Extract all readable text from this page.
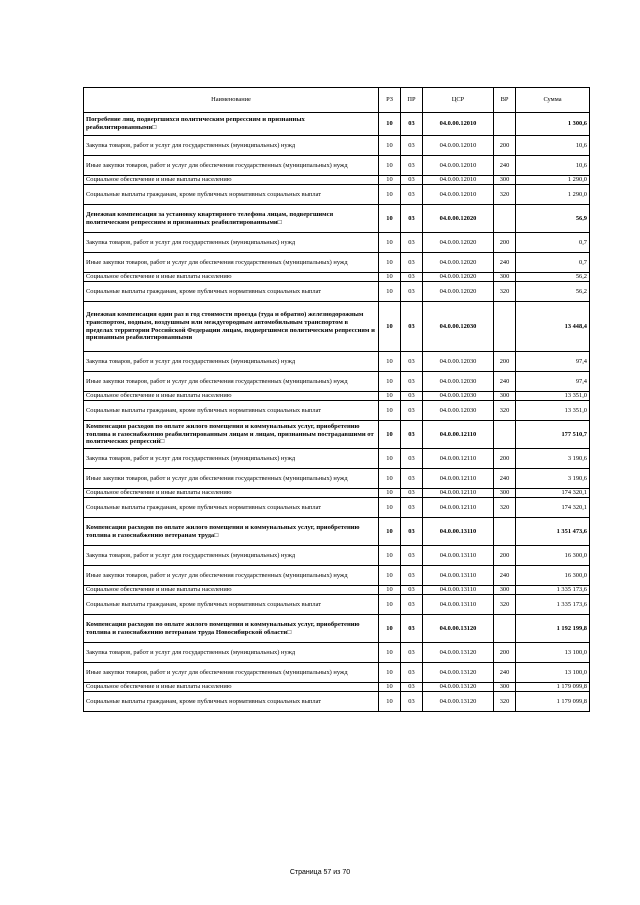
Наименование	РЗ	ПР	ЦСР	ВР	Сумма
Погребение лиц, подвергшихся политическим репрессиям и признанных реабилитированными□	10	03	04.0.00.12010		1 300,6
Закупка товаров, работ и услуг для государственных (муниципальных) нужд	10	03	04.0.00.12010	200	10,6
Иные закупки товаров, работ и услуг для обеспечения государственных (муниципальных) нужд	10	03	04.0.00.12010	240	10,6
Социальное обеспечение и иные выплаты населению	10	03	04.0.00.12010	300	1 290,0
Социальные выплаты гражданам, кроме публичных нормативных социальных выплат	10	03	04.0.00.12010	320	1 290,0
Денежная компенсация за установку квартирного телефона лицам, подвергшимся политическим репрессиям и признанных реабилитированными□	10	03	04.0.00.12020		56,9
Закупка товаров, работ и услуг для государственных (муниципальных) нужд	10	03	04.0.00.12020	200	0,7
Иные закупки товаров, работ и услуг для обеспечения государственных (муниципальных) нужд	10	03	04.0.00.12020	240	0,7
Социальное обеспечение и иные выплаты населению	10	03	04.0.00.12020	300	56,2
Социальные выплаты гражданам, кроме публичных нормативных социальных выплат	10	03	04.0.00.12020	320	56,2
Денежная компенсация один раз в год стоимости проезда (туда и обратно) железнодорожным транспортом, водным, воздушным или междугородным автомобильным транспортом в пределах территории Российской Федерации лицам, подвергшимся политическим репрессиям и признанным реабилитированными	10	03	04.0.00.12030		13 448,4
Закупка товаров, работ и услуг для государственных (муниципальных) нужд	10	03	04.0.00.12030	200	97,4
Иные закупки товаров, работ и услуг для обеспечения государственных (муниципальных) нужд	10	03	04.0.00.12030	240	97,4
Социальное обеспечение и иные выплаты населению	10	03	04.0.00.12030	300	13 351,0
Социальные выплаты гражданам, кроме публичных нормативных социальных выплат	10	03	04.0.00.12030	320	13 351,0
Компенсация расходов по оплате жилого помещения и коммунальных услуг, приобретению топлива и газоснабжению реабилитированным лицам и лицам, признанным пострадавшими от политических репрессий□	10	03	04.0.00.12110		177 510,7
Закупка товаров, работ и услуг для государственных (муниципальных) нужд	10	03	04.0.00.12110	200	3 190,6
Иные закупки товаров, работ и услуг для обеспечения государственных (муниципальных) нужд	10	03	04.0.00.12110	240	3 190,6
Социальное обеспечение и иные выплаты населению	10	03	04.0.00.12110	300	174 320,1
Социальные выплаты гражданам, кроме публичных нормативных социальных выплат	10	03	04.0.00.12110	320	174 320,1
Компенсация расходов по оплате жилого помещения и коммунальных услуг, приобретению топлива и газоснабжению ветеранам труда□	10	03	04.0.00.13110		1 351 473,6
Закупка товаров, работ и услуг для государственных (муниципальных) нужд	10	03	04.0.00.13110	200	16 300,0
Иные закупки товаров, работ и услуг для обеспечения государственных (муниципальных) нужд	10	03	04.0.00.13110	240	16 300,0
Социальное обеспечение и иные выплаты населению	10	03	04.0.00.13110	300	1 335 173,6
Социальные выплаты гражданам, кроме публичных нормативных социальных выплат	10	03	04.0.00.13110	320	1 335 173,6
Компенсация расходов по оплате жилого помещения и коммунальных услуг, приобретению топлива и газоснабжению ветеранам труда Новосибирской области□	10	03	04.0.00.13120		1 192 199,8
Закупка товаров, работ и услуг для государственных (муниципальных) нужд	10	03	04.0.00.13120	200	13 100,0
Иные закупки товаров, работ и услуг для обеспечения государственных (муниципальных) нужд	10	03	04.0.00.13120	240	13 100,0
Социальное обеспечение и иные выплаты населению	10	03	04.0.00.13120	300	1 179 099,8
Социальные выплаты гражданам, кроме публичных нормативных социальных выплат	10	03	04.0.00.13120	320	1 179 099,8
Страница 57 из 70
